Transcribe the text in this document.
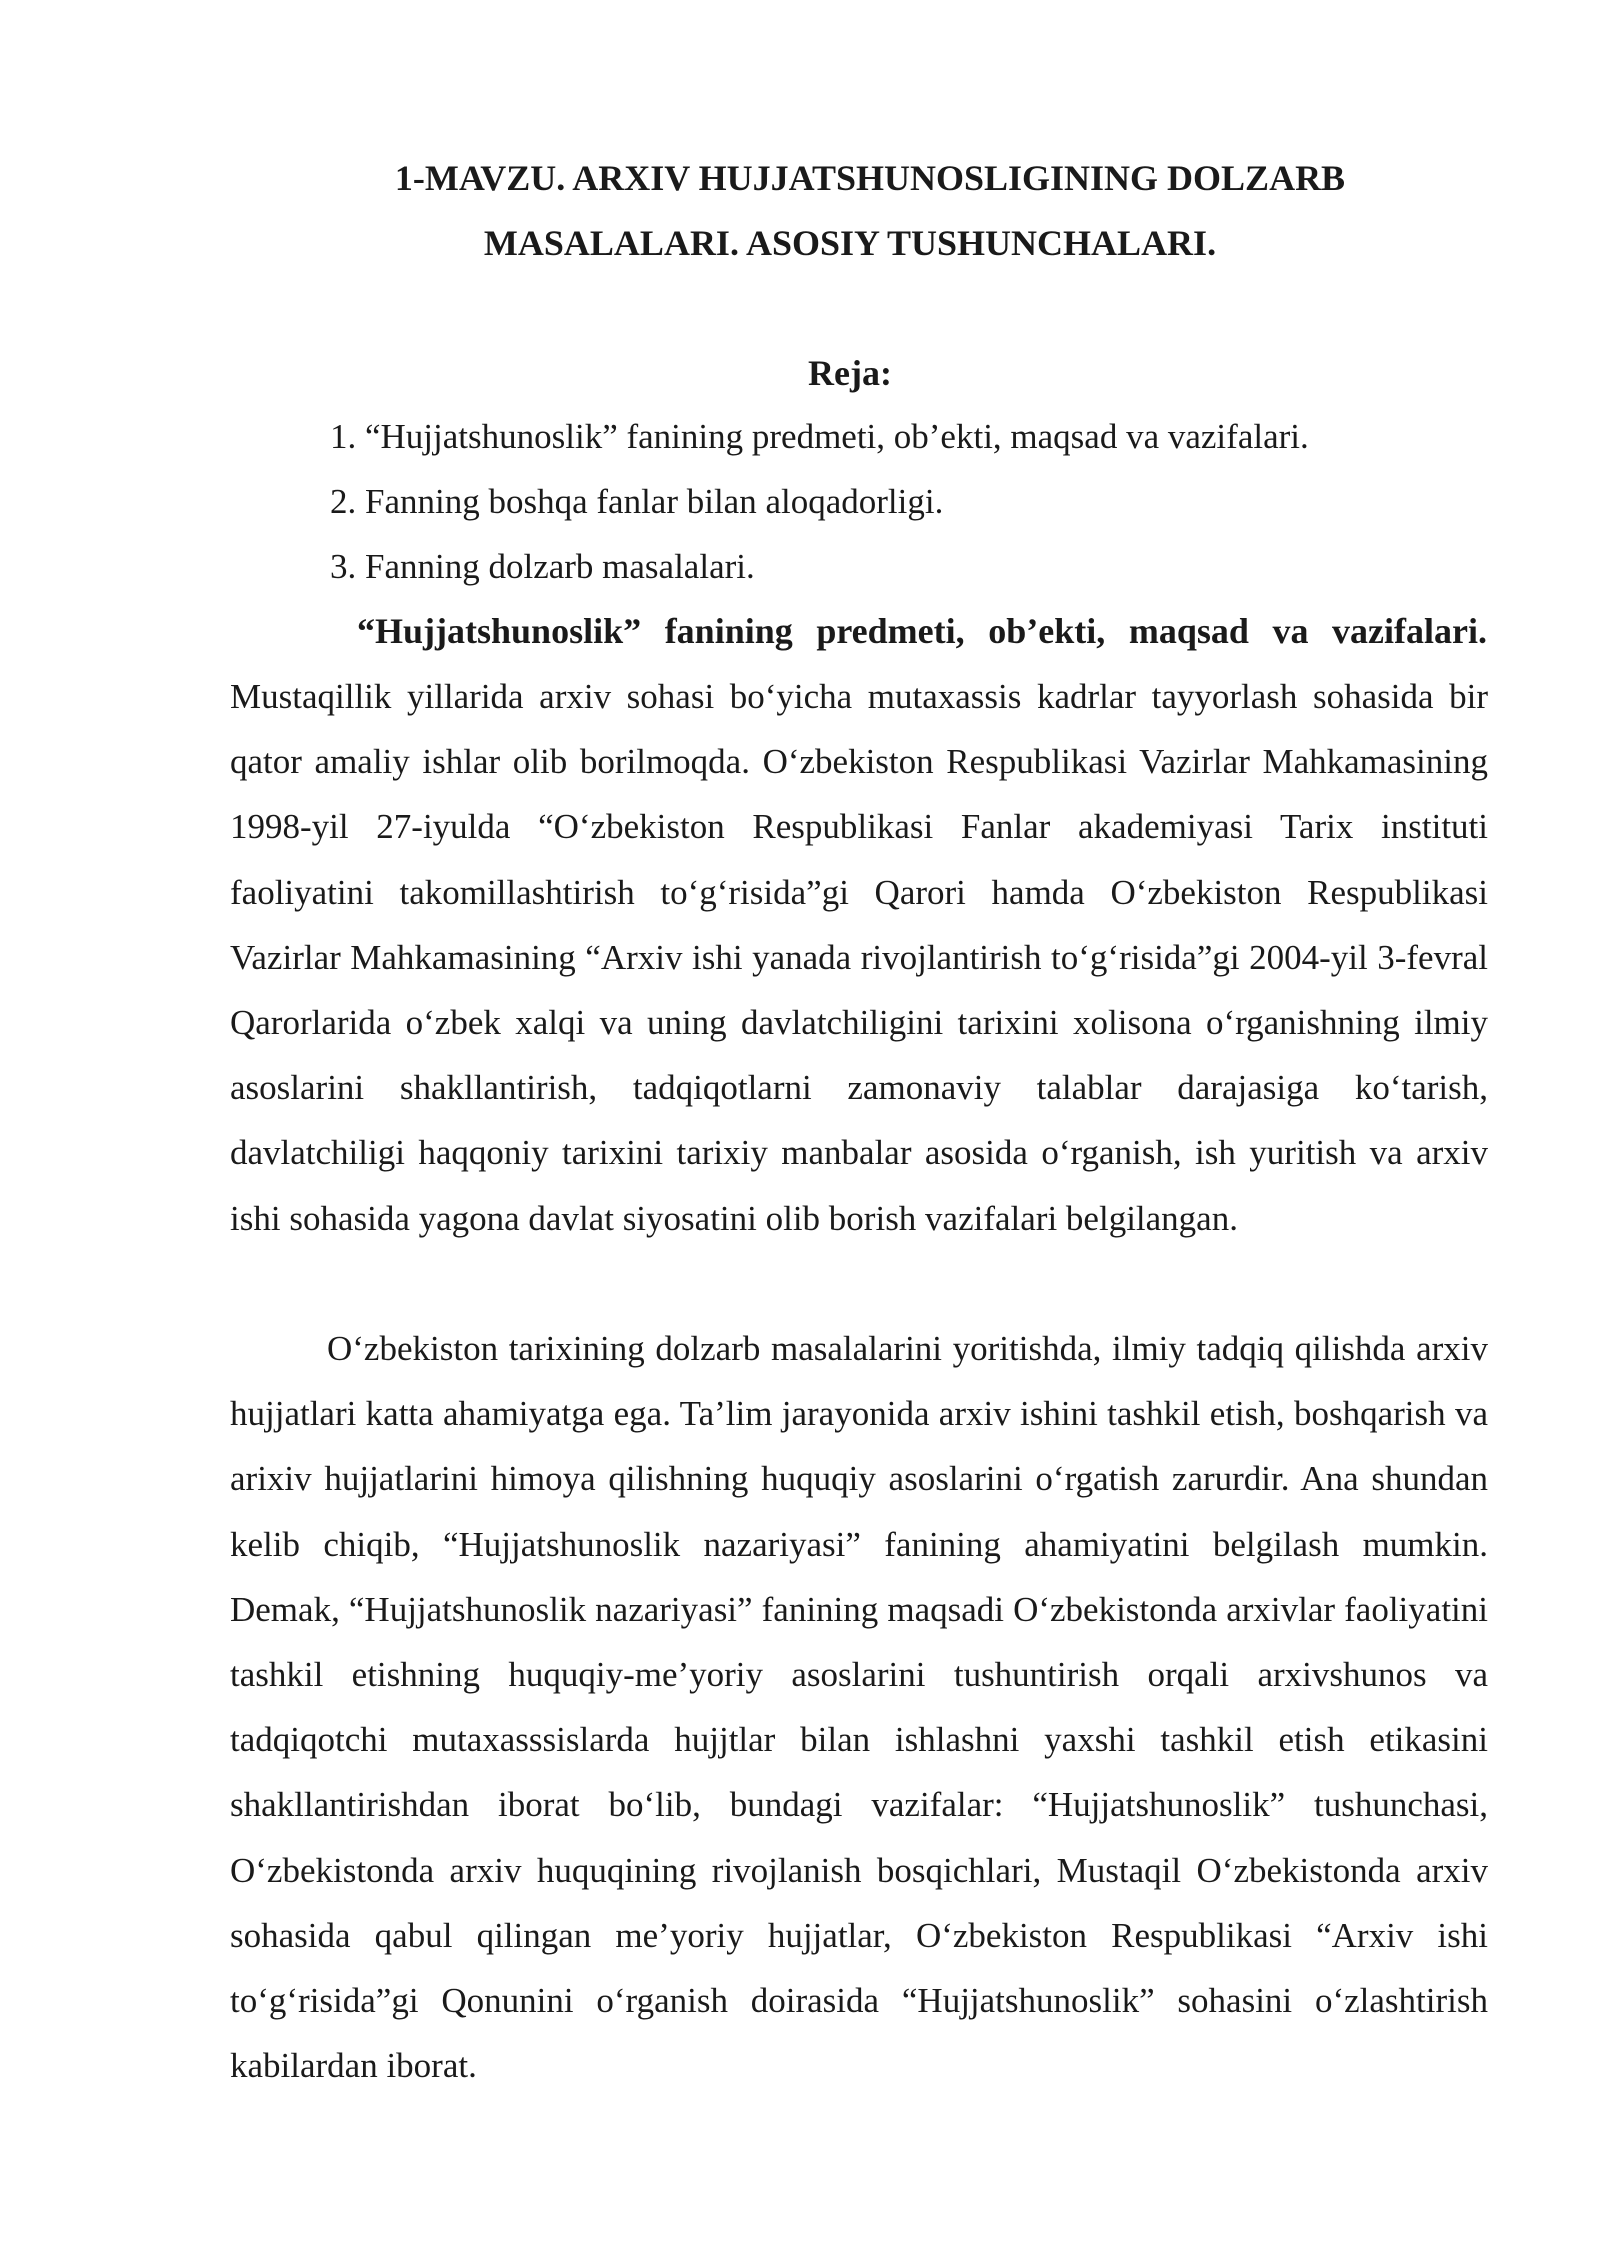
1-MAVZU. ARXIV HUJJATSHUNOSLIGINING DOLZARB
MASALALARI. ASOSIY TUSHUNCHALARI.
Reja:
1. “Hujjatshunoslik” fanining predmeti, ob’ekti, maqsad va vazifalari.
2. Fanning boshqa fanlar bilan aloqadorligi.
3. Fanning dolzarb masalalari.
“Hujjatshunoslik” fanining predmeti, ob’ekti, maqsad va vazifalari.

Mustaqillik yillarida arxiv sohasi bo‘yicha mutaxassis kadrlar tayyorlash sohasida bir qator amaliy ishlar olib borilmoqda. O‘zbekiston Respublikasi Vazirlar Mahkamasining 1998-yil 27-iyulda “O‘zbekiston Respublikasi Fanlar akademiyasi Tarix instituti faoliyatini takomillashtirish to‘g‘risida”gi Qarori hamda O‘zbekiston Respublikasi Vazirlar Mahkamasining “Arxiv ishi yanada rivojlantirish to‘g‘risida”gi 2004-yil 3-fevral Qarorlarida o‘zbek xalqi va uning davlatchiligini tarixini xolisona o‘rganishning ilmiy asoslarini shakllantirish, tadqiqotlarni zamonaviy talablar darajasiga ko‘tarish, davlatchiligi haqqoniy tarixini tarixiy manbalar asosida o‘rganish, ish yuritish va arxiv ishi sohasida yagona davlat siyosatini olib borish vazifalari belgilangan.

O‘zbekiston tarixining dolzarb masalalarini yoritishda, ilmiy tadqiq qilishda arxiv hujjatlari katta ahamiyatga ega. Ta’lim jarayonida arxiv ishini tashkil etish, boshqarish va arixiv hujjatlarini himoya qilishning huquqiy asoslarini o‘rgatish zarurdir. Ana shundan kelib chiqib, “Hujjatshunoslik nazariyasi” fanining ahamiyatini belgilash mumkin. Demak, “Hujjatshunoslik nazariyasi” fanining maqsadi O‘zbekistonda arxivlar faoliyatini tashkil etishning huquqiy-me’yoriy asoslarini tushuntirish orqali arxivshunos va tadqiqotchi mutaxasssislarda hujjtlar bilan ishlashni yaxshi tashkil etish etikasini shakllantirishdan iborat bo‘lib, bundagi vazifalar: “Hujjatshunoslik” tushunchasi, O‘zbekistonda arxiv huquqining rivojlanish bosqichlari, Mustaqil O‘zbekistonda arxiv sohasida qabul qilingan me’yoriy hujjatlar, O‘zbekiston Respublikasi “Arxiv ishi to‘g‘risida”gi Qonunini o‘rganish doirasida “Hujjatshunoslik” sohasini o‘zlashtirish kabilardan iborat.
